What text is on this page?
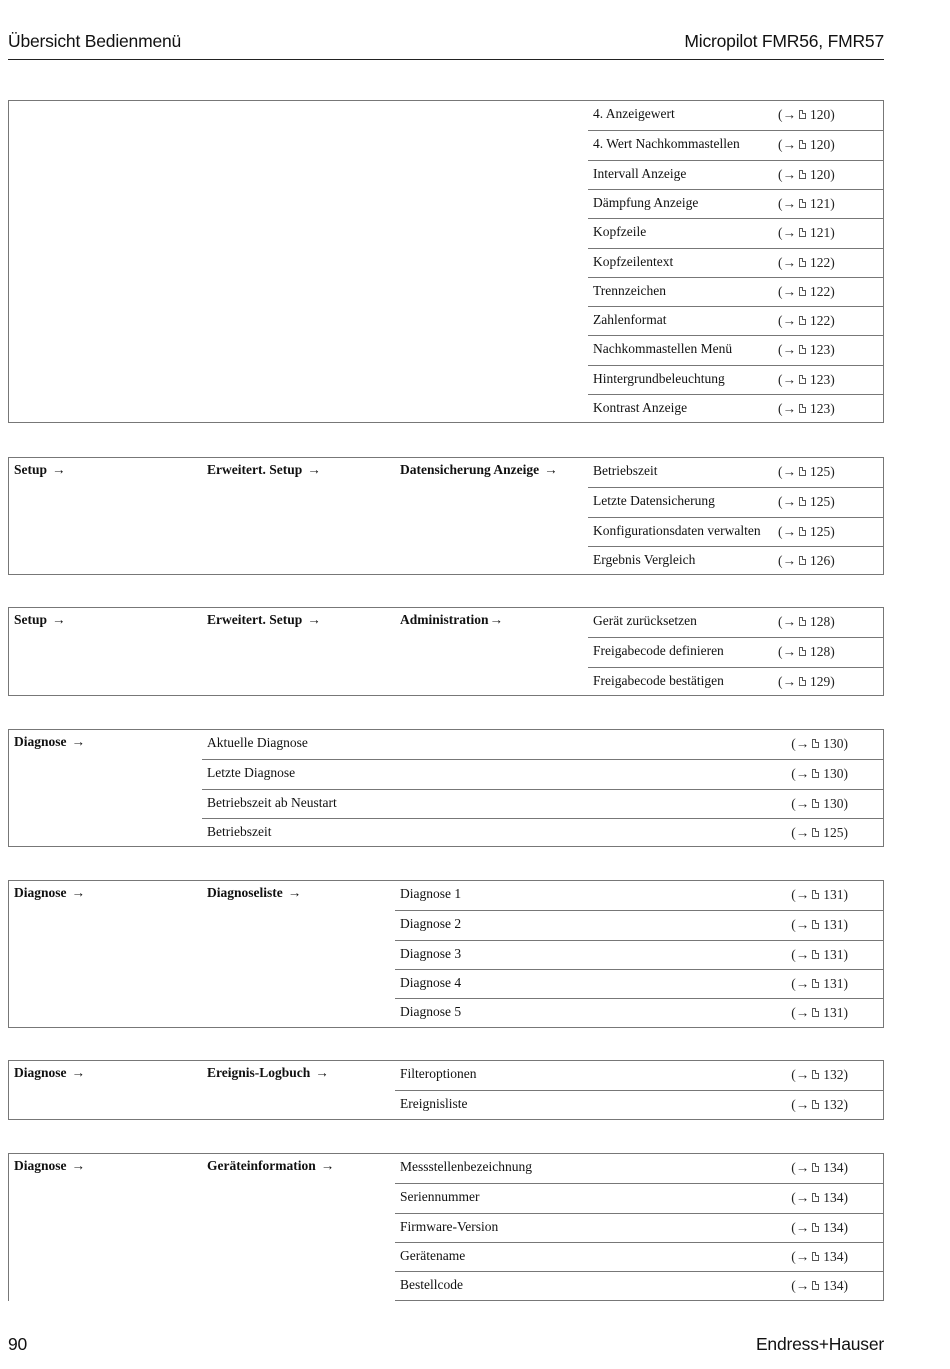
Übersicht Bedienmenü	Micropilot FMR56, FMR57
4. Anzeigewert	(→ 120)
4. Wert Nachkommastellen	(→ 120)
Intervall Anzeige	(→ 120)
Dämpfung Anzeige	(→ 121)
Kopfzeile	(→ 121)
Kopfzeilentext	(→ 122)
Trennzeichen	(→ 122)
Zahlenformat	(→ 122)
Nachkommastellen Menü	(→ 123)
Hintergrundbeleuchtung	(→ 123)
Kontrast Anzeige	(→ 123)
Setup →	Erweitert. Setup →	Datensicherung Anzeige →	Betriebszeit	(→ 125)
Letzte Datensicherung	(→ 125)
Konfigurationsdaten verwalten (→ 125)
Ergebnis Vergleich	(→ 126)
Setup →	Erweitert. Setup →	Administration→	Gerät zurücksetzen	(→ 128)
Freigabecode definieren	(→ 128)
Freigabecode bestätigen	(→ 129)
Diagnose →	Aktuelle Diagnose	(→ 130)
Letzte Diagnose	(→ 130)
Betriebszeit ab Neustart	(→ 130)
Betriebszeit	(→ 125)
Diagnose →	Diagnoseliste →	Diagnose 1	(→ 131)
Diagnose 2	(→ 131)
Diagnose 3	(→ 131)
Diagnose 4	(→ 131)
Diagnose 5	(→ 131)
Diagnose →	Ereignis-Logbuch →	Filteroptionen	(→ 132)
Ereignisliste	(→ 132)
Diagnose →	Geräteinformation →	Messstellenbezeichnung	(→ 134)
Seriennummer	(→ 134)
Firmware-Version	(→ 134)
Gerätename	(→ 134)
Bestellcode	(→ 134)
90	Endress+Hauser
